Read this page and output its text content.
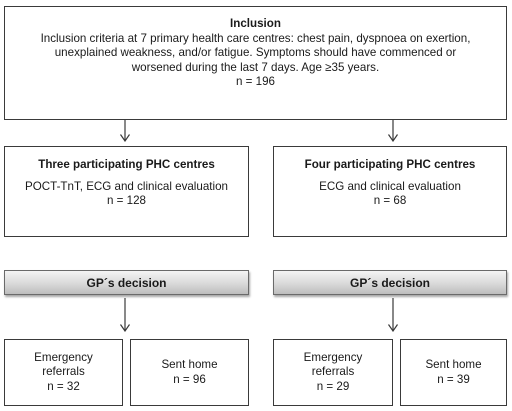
Inclusion
Inclusion criteria at 7 primary health care centres: chest pain, dyspnoea on exertion,
unexplained weakness, and/or fatigue. Symptoms should have commenced or
worsened during the last 7 days. Age ≥35 years.
n = 196
Three participating PHC centres
POCT-TnT, ECG and clinical evaluation
n = 128
Four participating PHC centres
ECG and clinical evaluation
n = 68
GP´s decision	GP´s decision
Emergency
referrals
n = 32
Sent home
n = 96
Emergency
referrals
n = 29
Sent home
n = 39
